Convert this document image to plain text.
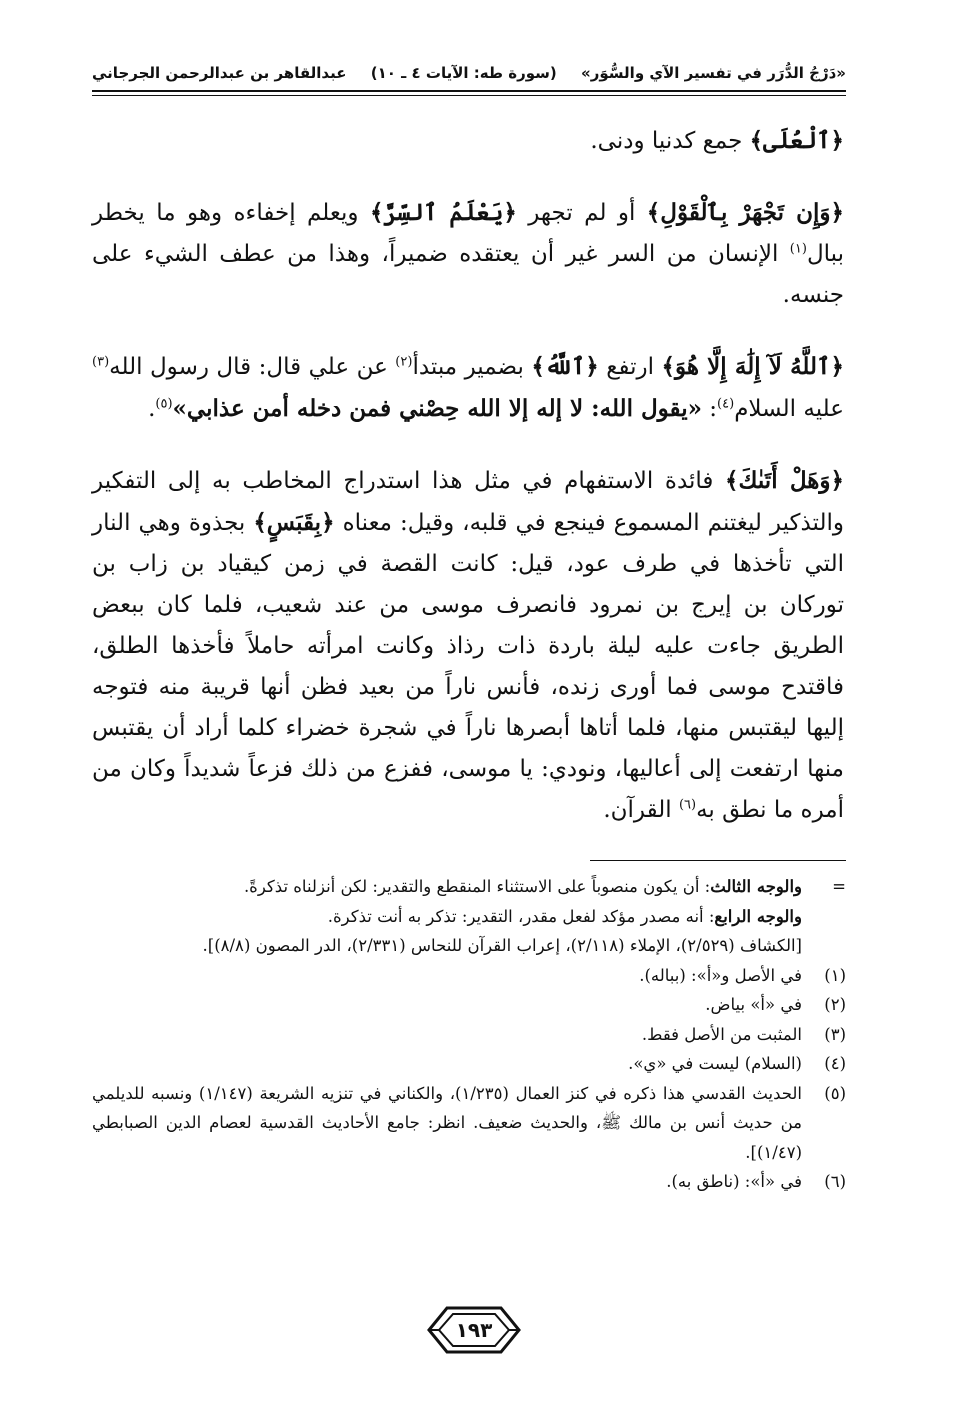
«دَرْجُ الدُّرَر في تفسير الآي والسُّوَر»
(سورة طه: الآيات ٤ ـ ١٠)
عبدالقاهر بن عبدالرحمن الجرجاني

﴿ٱلْعُلَى﴾ جمع كدنيا ودنى.

﴿وَإِن تَجْهَرْ بِٱلْقَوْلِ﴾ أو لم تجهر ﴿يَعْلَمُ ٱلسِّرَّ﴾ ويعلم إخفاءه وهو ما يخطر ببال$^{(١)}$ الإنسان من السر غير أن يعتقده ضميراً، وهذا من عطف الشيء على جنسه.

﴿ٱللَّهُ لَآ إِلَٰهَ إِلَّا هُوَ﴾ ارتفع ﴿ٱللَّهُ﴾ بضمير مبتدأ$^{(٢)}$ عن علي قال: قال رسول الله$^{(٣)}$ عليه السلام$^{(٤)}$: «يقول الله: لا إله إلا الله حِصْني فمن دخله أمن عذابي»$^{(٥)}$.

﴿وَهَلْ أَتَىٰكَ﴾ فائدة الاستفهام في مثل هذا استدراج المخاطب به إلى التفكير والتذكير ليغتنم المسموع فينجع في قلبه، وقيل: معناه ﴿بِقَبَسٍ﴾ بجذوة وهي النار التي تأخذها في طرف عود، قيل: كانت القصة في زمن كيقياد بن زاب بن توركان بن إيرج بن نمرود فانصرف موسى من عند شعيب، فلما كان ببعض الطريق جاءت عليه ليلة باردة ذات رذاذ وكانت امرأته حاملاً فأخذها الطلق، فاقتدح موسى فما أورى زنده، فأنس ناراً من بعيد فظن أنها قريبة منه فتوجه إليها ليقتبس منها، فلما أتاها أبصرها ناراً في شجرة خضراء كلما أراد أن يقتبس منها ارتفعت إلى أعاليها، ونودي: يا موسى، ففزع من ذلك فزعاً شديداً وكان من أمره ما نطق به$^{(٦)}$ القرآن.

=
والوجه الثالث: أن يكون منصوباً على الاستثناء المنقطع والتقدير: لكن أنزلناه تذكرةً.
والوجه الرابع: أنه مصدر مؤكد لفعل مقدر، التقدير: تذكر به أنت تذكرة.
[الكشاف (٢/٥٢٩)، الإملاء (٢/١١٨)، إعراب القرآن للنحاس (٢/٣٣١)، الدر المصون (٨/٨)].
(١)
في الأصل و«أ»: (بباله).
(٢)
في «أ» بياض.
(٣)
المثبت من الأصل فقط.
(٤)
(السلام) ليست في «ي».
(٥)
الحديث القدسي هذا ذكره في كنز العمال (١/٢٣٥)، والكناني في تنزيه الشريعة (١/١٤٧) ونسبه للديلمي من حديث أنس بن مالك ﷺ، والحديث ضعيف. انظر: جامع الأحاديث القدسية لعصام الدين الصبابطي (١/٤٧)].
(٦)
في «أ»: (ناطق به).
١٩٣
